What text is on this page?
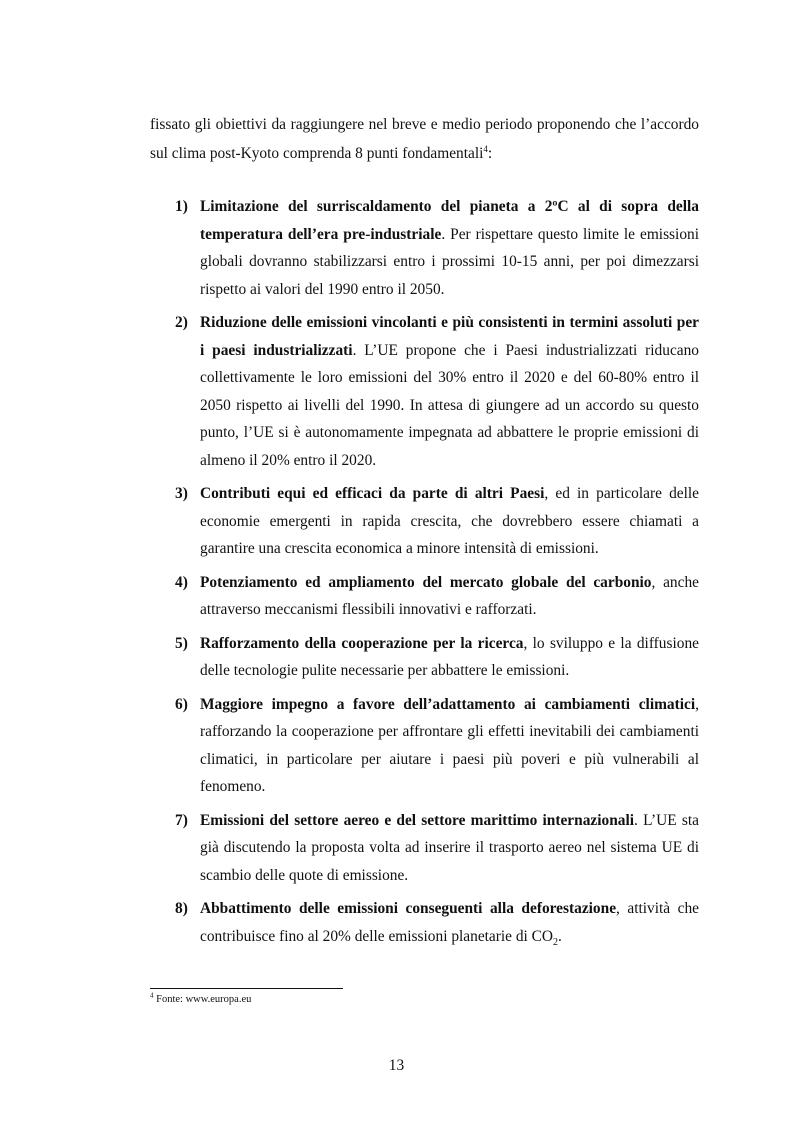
fissato gli obiettivi da raggiungere nel breve e medio periodo proponendo che l’accordo sul clima post-Kyoto comprenda 8 punti fondamentali$^4$:

1) Limitazione del surriscaldamento del pianeta a 2ºC al di sopra della temperatura dell’era pre-industriale. Per rispettare questo limite le emissioni globali dovranno stabilizzarsi entro i prossimi 10-15 anni, per poi dimezzarsi rispetto ai valori del 1990 entro il 2050.
2) Riduzione delle emissioni vincolanti e più consistenti in termini assoluti per i paesi industrializzati. L’UE propone che i Paesi industrializzati riducano collettivamente le loro emissioni del 30% entro il 2020 e del 60-80% entro il 2050 rispetto ai livelli del 1990. In attesa di giungere ad un accordo su questo punto, l’UE si è autonomamente impegnata ad abbattere le proprie emissioni di almeno il 20% entro il 2020.
3) Contributi equi ed efficaci da parte di altri Paesi, ed in particolare delle economie emergenti in rapida crescita, che dovrebbero essere chiamati a garantire una crescita economica a minore intensità di emissioni.
4) Potenziamento ed ampliamento del mercato globale del carbonio, anche attraverso meccanismi flessibili innovativi e rafforzati.
5) Rafforzamento della cooperazione per la ricerca, lo sviluppo e la diffusione delle tecnologie pulite necessarie per abbattere le emissioni.
6) Maggiore impegno a favore dell’adattamento ai cambiamenti climatici, rafforzando la cooperazione per affrontare gli effetti inevitabili dei cambiamenti climatici, in particolare per aiutare i paesi più poveri e più vulnerabili al fenomeno.
7) Emissioni del settore aereo e del settore marittimo internazionali. L’UE sta già discutendo la proposta volta ad inserire il trasporto aereo nel sistema UE di scambio delle quote di emissione.
8) Abbattimento delle emissioni conseguenti alla deforestazione, attività che contribuisce fino al 20% delle emissioni planetarie di $CO_2$.
$^4$ Fonte: www.europa.eu
13
